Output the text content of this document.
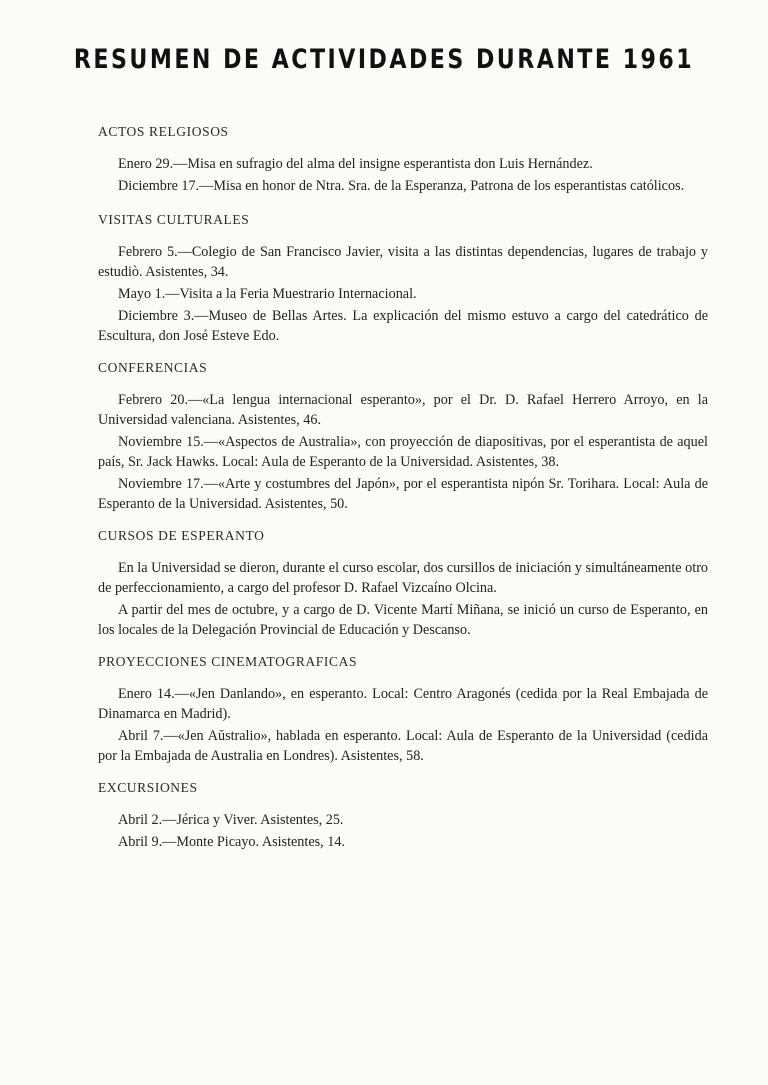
RESUMEN DE ACTIVIDADES DURANTE 1961
ACTOS RELGIOSOS

Enero 29.—Misa en sufragio del alma del insigne esperantista don Luis Hernández.

Diciembre 17.—Misa en honor de Ntra. Sra. de la Esperanza, Patrona de los esperantistas católicos.

VISITAS CULTURALES

Febrero 5.—Colegio de San Francisco Javier, visita a las distintas dependencias, lugares de trabajo y estudiò. Asistentes, 34.

Mayo 1.—Visita a la Feria Muestrario Internacional.

Diciembre 3.—Museo de Bellas Artes. La explicación del mismo estuvo a cargo del catedrático de Escultura, don José Esteve Edo.

CONFERENCIAS

Febrero 20.—«La lengua internacional esperanto», por el Dr. D. Rafael Herrero Arroyo, en la Universidad valenciana. Asistentes, 46.

Noviembre 15.—«Aspectos de Australia», con proyección de diapositivas, por el esperantista de aquel país, Sr. Jack Hawks. Local: Aula de Esperanto de la Universidad. Asistentes, 38.

Noviembre 17.—«Arte y costumbres del Japón», por el esperantista nipón Sr. Torihara. Local: Aula de Esperanto de la Universidad. Asistentes, 50.

CURSOS DE ESPERANTO

En la Universidad se dieron, durante el curso escolar, dos cursillos de iniciación y simultáneamente otro de perfeccionamiento, a cargo del profesor D. Rafael Vizcaíno Olcina.

A partir del mes de octubre, y a cargo de D. Vicente Martí Miñana, se inició un curso de Esperanto, en los locales de la Delegación Provincial de Educación y Descanso.

PROYECCIONES CINEMATOGRAFICAS

Enero 14.—«Jen Danlando», en esperanto. Local: Centro Aragonés (cedida por la Real Embajada de Dinamarca en Madrid).

Abril 7.—«Jen Aŭstralio», hablada en esperanto. Local: Aula de Esperanto de la Universidad (cedida por la Embajada de Australia en Londres). Asistentes, 58.

EXCURSIONES

Abril 2.—Jérica y Viver. Asistentes, 25.

Abril 9.—Monte Picayo. Asistentes, 14.
